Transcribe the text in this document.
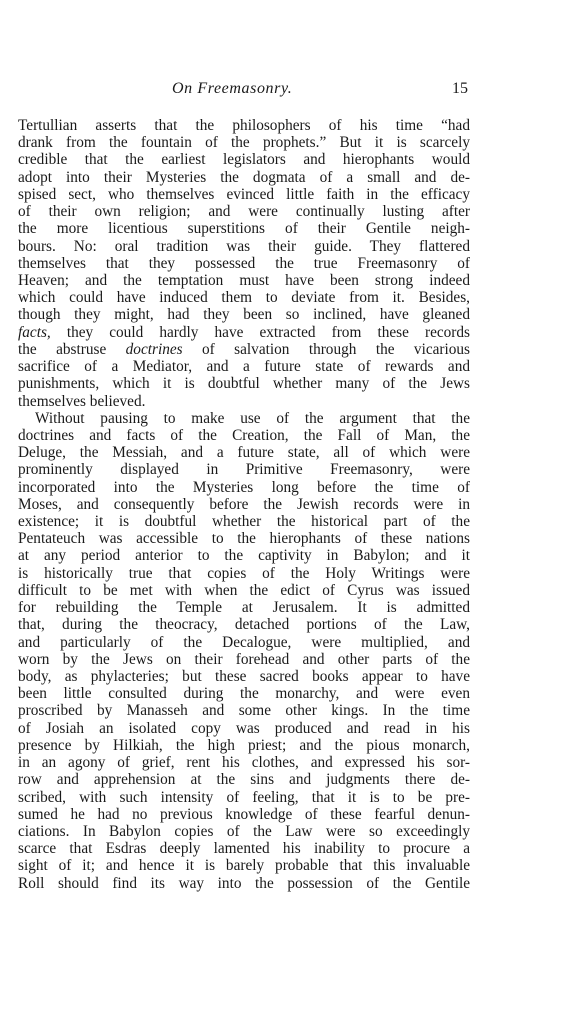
On Freemasonry.	15
Tertullian asserts that the philosophers of his time “had
drank from the fountain of the prophets.” But it is scarcely
credible that the earliest legislators and hierophants would
adopt into their Mysteries the dogmata of a small and de-
spised sect, who themselves evinced little faith in the efficacy
of their own religion; and were continually lusting after
the more licentious superstitions of their Gentile neigh-
bours. No: oral tradition was their guide. They flattered
themselves that they possessed the true Freemasonry of
Heaven; and the temptation must have been strong indeed
which could have induced them to deviate from it. Besides,
though they might, had they been so inclined, have gleaned
facts, they could hardly have extracted from these records
the abstruse doctrines of salvation through the vicarious
sacrifice of a Mediator, and a future state of rewards and
punishments, which it is doubtful whether many of the Jews
themselves believed.
Without pausing to make use of the argument that the
doctrines and facts of the Creation, the Fall of Man, the
Deluge, the Messiah, and a future state, all of which were
prominently displayed in Primitive Freemasonry, were
incorporated into the Mysteries long before the time of
Moses, and consequently before the Jewish records were in
existence; it is doubtful whether the historical part of the
Pentateuch was accessible to the hierophants of these nations
at any period anterior to the captivity in Babylon; and it
is historically true that copies of the Holy Writings were
difficult to be met with when the edict of Cyrus was issued
for rebuilding the Temple at Jerusalem. It is admitted
that, during the theocracy, detached portions of the Law,
and particularly of the Decalogue, were multiplied, and
worn by the Jews on their forehead and other parts of the
body, as phylacteries; but these sacred books appear to have
been little consulted during the monarchy, and were even
proscribed by Manasseh and some other kings. In the time
of Josiah an isolated copy was produced and read in his
presence by Hilkiah, the high priest; and the pious monarch,
in an agony of grief, rent his clothes, and expressed his sor-
row and apprehension at the sins and judgments there de-
scribed, with such intensity of feeling, that it is to be pre-
sumed he had no previous knowledge of these fearful denun-
ciations. In Babylon copies of the Law were so exceedingly
scarce that Esdras deeply lamented his inability to procure a
sight of it; and hence it is barely probable that this invaluable
Roll should find its way into the possession of the Gentile
